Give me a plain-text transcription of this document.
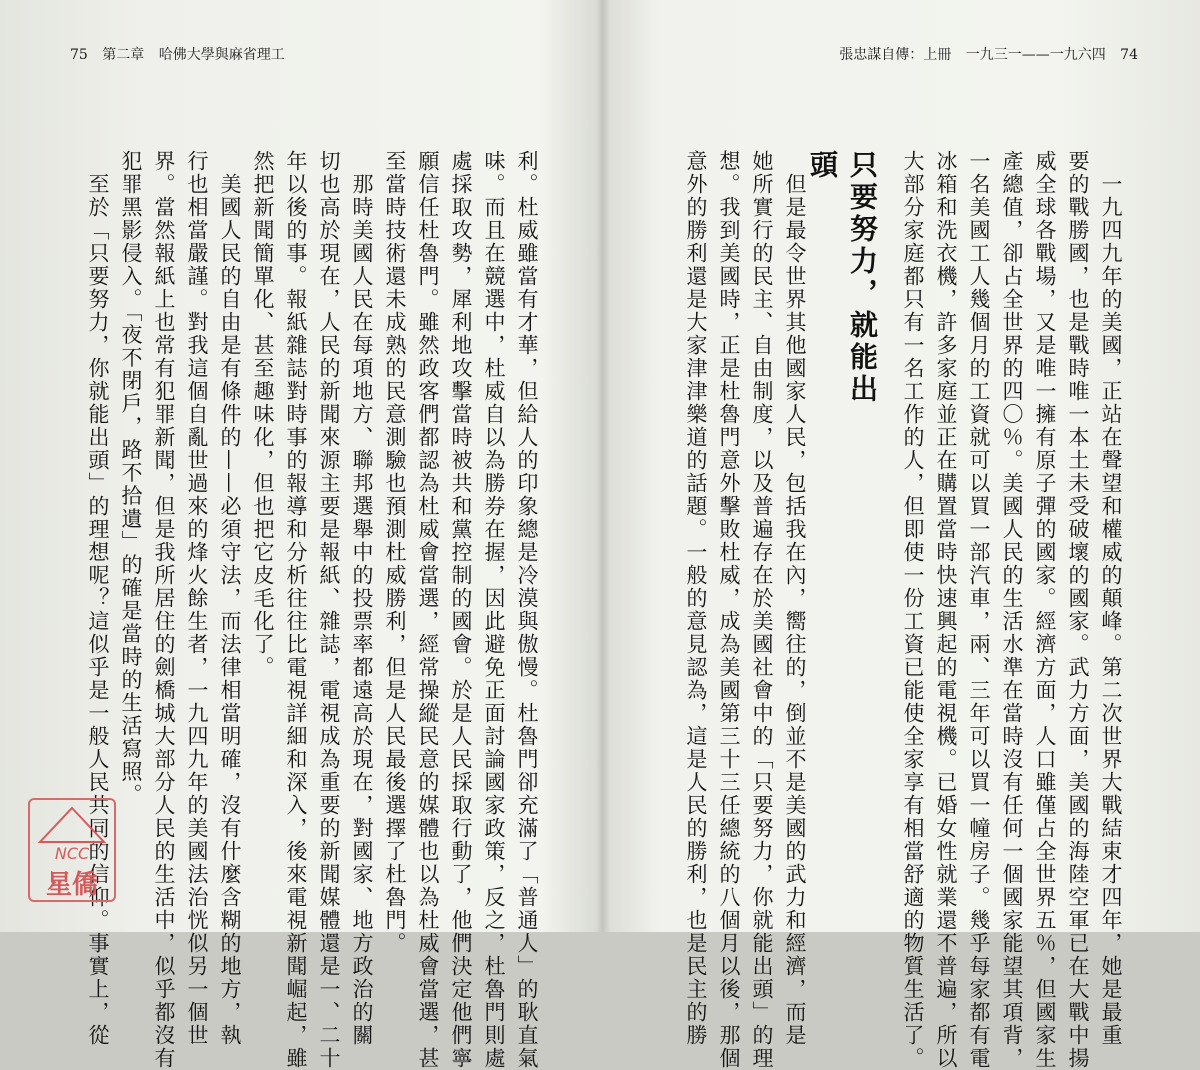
75 第二章 哈佛大學與麻省理工	張忠謀自傳：上冊 一九三一——一九六四 74
　一九四九年的美國，正站在聲望和權威的顛峰。第二次世界大戰結束才四年，她是最重
要的戰勝國，也是戰時唯一本土未受破壞的國家。武力方面，美國的海陸空軍已在大戰中揚
威全球各戰場，又是唯一擁有原子彈的國家。經濟方面，人口雖僅占全世界五％，但國家生
產總值，卻占全世界的四〇％。美國人民的生活水準在當時沒有任何一個國家能望其項背，
一名美國工人幾個月的工資就可以買一部汽車，兩、三年可以買一幢房子。幾乎每家都有電
冰箱和洗衣機，許多家庭並正在購置當時快速興起的電視機。已婚女性就業還不普遍，所以
大部分家庭都只有一名工作的人，但即使一份工資已能使全家享有相當舒適的物質生活了。
只要努力，就能出頭
　但是最令世界其他國家人民，包括我在內，嚮往的，倒並不是美國的武力和經濟，而是
她所實行的民主、自由制度，以及普遍存在於美國社會中的「只要努力，你就能出頭」的理
想。我到美國時，正是杜魯門意外擊敗杜威，成為美國第三十三任總統的八個月以後，那個
意外的勝利還是大家津津樂道的話題。一般的意見認為，這是人民的勝利，也是民主的勝
利。杜威雖當有才華，但給人的印象總是冷漠與傲慢。杜魯門卻充滿了「普通人」的耿直氣
味。而且在競選中，杜威自以為勝券在握，因此避免正面討論國家政策，反之，杜魯門則處
處採取攻勢，犀利地攻擊當時被共和黨控制的國會。於是人民採取行動了，他們決定他們寧
願信任杜魯門。雖然政客們都認為杜威會當選，經常操縱民意的媒體也以為杜威會當選，甚
至當時技術還未成熟的民意測驗也預測杜威勝利，但是人民最後選擇了杜魯門。
　那時美國人民在每項地方、聯邦選舉中的投票率都遠高於現在，對國家、地方政治的關
切也高於現在，人民的新聞來源主要是報紙、雜誌，電視成為重要的新聞媒體還是一、二十
年以後的事。報紙雜誌對時事的報導和分析往往比電視詳細和深入，後來電視新聞崛起，雖
然把新聞簡單化、甚至趣味化，但也把它皮毛化了。
　美國人民的自由是有條件的——必須守法，而法律相當明確，沒有什麼含糊的地方，執
行也相當嚴謹。對我這個自亂世過來的烽火餘生者，一九四九年的美國法治恍似另一個世
界。當然報紙上也常有犯罪新聞，但是我所居住的劍橋城大部分人民的生活中，似乎都沒有
犯罪黑影侵入。「夜不閉戶，路不拾遺」的確是當時的生活寫照。
　至於「只要努力，你就能出頭」的理想呢？這似乎是一般人民共同的信仰。事實上，從
NCC
星僑
